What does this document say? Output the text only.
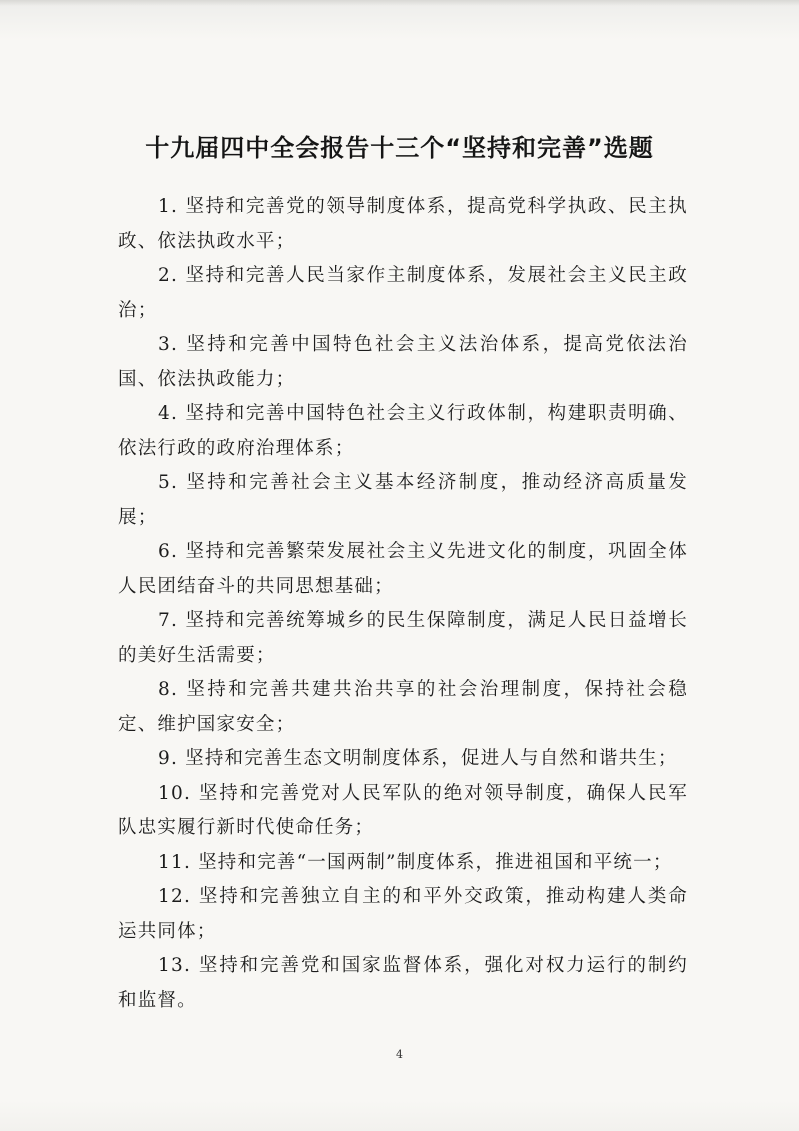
十九届四中全会报告十三个“坚持和完善”选题

1. 坚持和完善党的领导制度体系，提高党科学执政、民主执政、依法执政水平；

2. 坚持和完善人民当家作主制度体系，发展社会主义民主政治；

3. 坚持和完善中国特色社会主义法治体系，提高党依法治国、依法执政能力；

4. 坚持和完善中国特色社会主义行政体制，构建职责明确、依法行政的政府治理体系；

5. 坚持和完善社会主义基本经济制度，推动经济高质量发展；

6. 坚持和完善繁荣发展社会主义先进文化的制度，巩固全体人民团结奋斗的共同思想基础；

7. 坚持和完善统筹城乡的民生保障制度，满足人民日益增长的美好生活需要；

8. 坚持和完善共建共治共享的社会治理制度，保持社会稳定、维护国家安全；

9. 坚持和完善生态文明制度体系，促进人与自然和谐共生；

10. 坚持和完善党对人民军队的绝对领导制度，确保人民军队忠实履行新时代使命任务；

11. 坚持和完善“一国两制”制度体系，推进祖国和平统一；

12. 坚持和完善独立自主的和平外交政策，推动构建人类命运共同体；

13. 坚持和完善党和国家监督体系，强化对权力运行的制约和监督。

4
